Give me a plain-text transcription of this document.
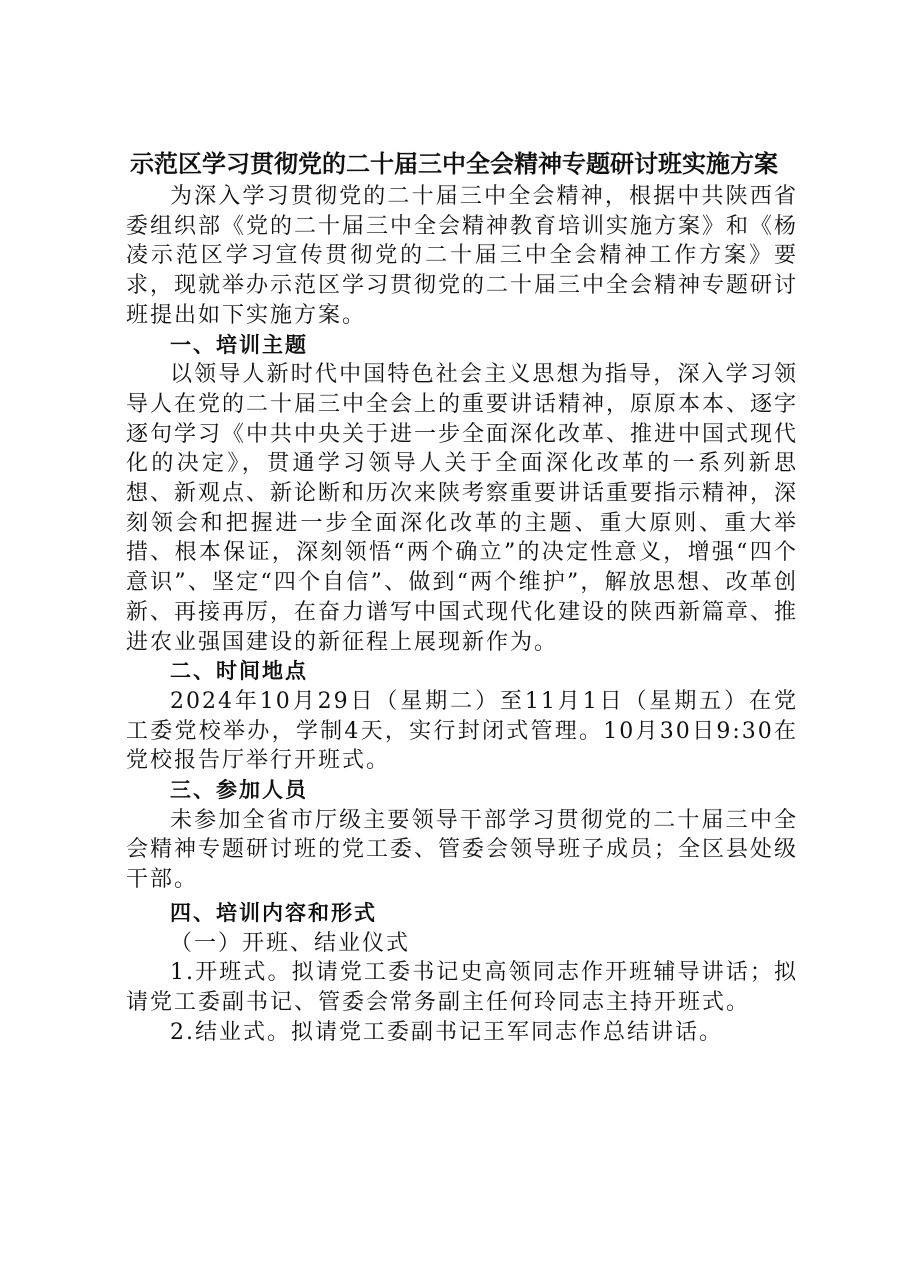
示范区学习贯彻党的二十届三中全会精神专题研讨班实施方案

为深入学习贯彻党的二十届三中全会精神，根据中共陕西省委组织部《党的二十届三中全会精神教育培训实施方案》和《杨凌示范区学习宣传贯彻党的二十届三中全会精神工作方案》要求，现就举办示范区学习贯彻党的二十届三中全会精神专题研讨班提出如下实施方案。

一、培训主题

以领导人新时代中国特色社会主义思想为指导，深入学习领导人在党的二十届三中全会上的重要讲话精神，原原本本、逐字逐句学习《中共中央关于进一步全面深化改革、推进中国式现代化的决定》，贯通学习领导人关于全面深化改革的一系列新思想、新观点、新论断和历次来陕考察重要讲话重要指示精神，深刻领会和把握进一步全面深化改革的主题、重大原则、重大举措、根本保证，深刻领悟“两个确立”的决定性意义，增强“四个意识”、坚定“四个自信”、做到“两个维护”，解放思想、改革创新、再接再厉，在奋力谱写中国式现代化建设的陕西新篇章、推进农业强国建设的新征程上展现新作为。

二、时间地点

2024年10月29日（星期二）至11月1日（星期五）在党工委党校举办，学制4天，实行封闭式管理。10月30日9:30在党校报告厅举行开班式。

三、参加人员

未参加全省市厅级主要领导干部学习贯彻党的二十届三中全会精神专题研讨班的党工委、管委会领导班子成员；全区县处级干部。

四、培训内容和形式

（一）开班、结业仪式

1.开班式。拟请党工委书记史高领同志作开班辅导讲话；拟请党工委副书记、管委会常务副主任何玲同志主持开班式。

2.结业式。拟请党工委副书记王军同志作总结讲话。
